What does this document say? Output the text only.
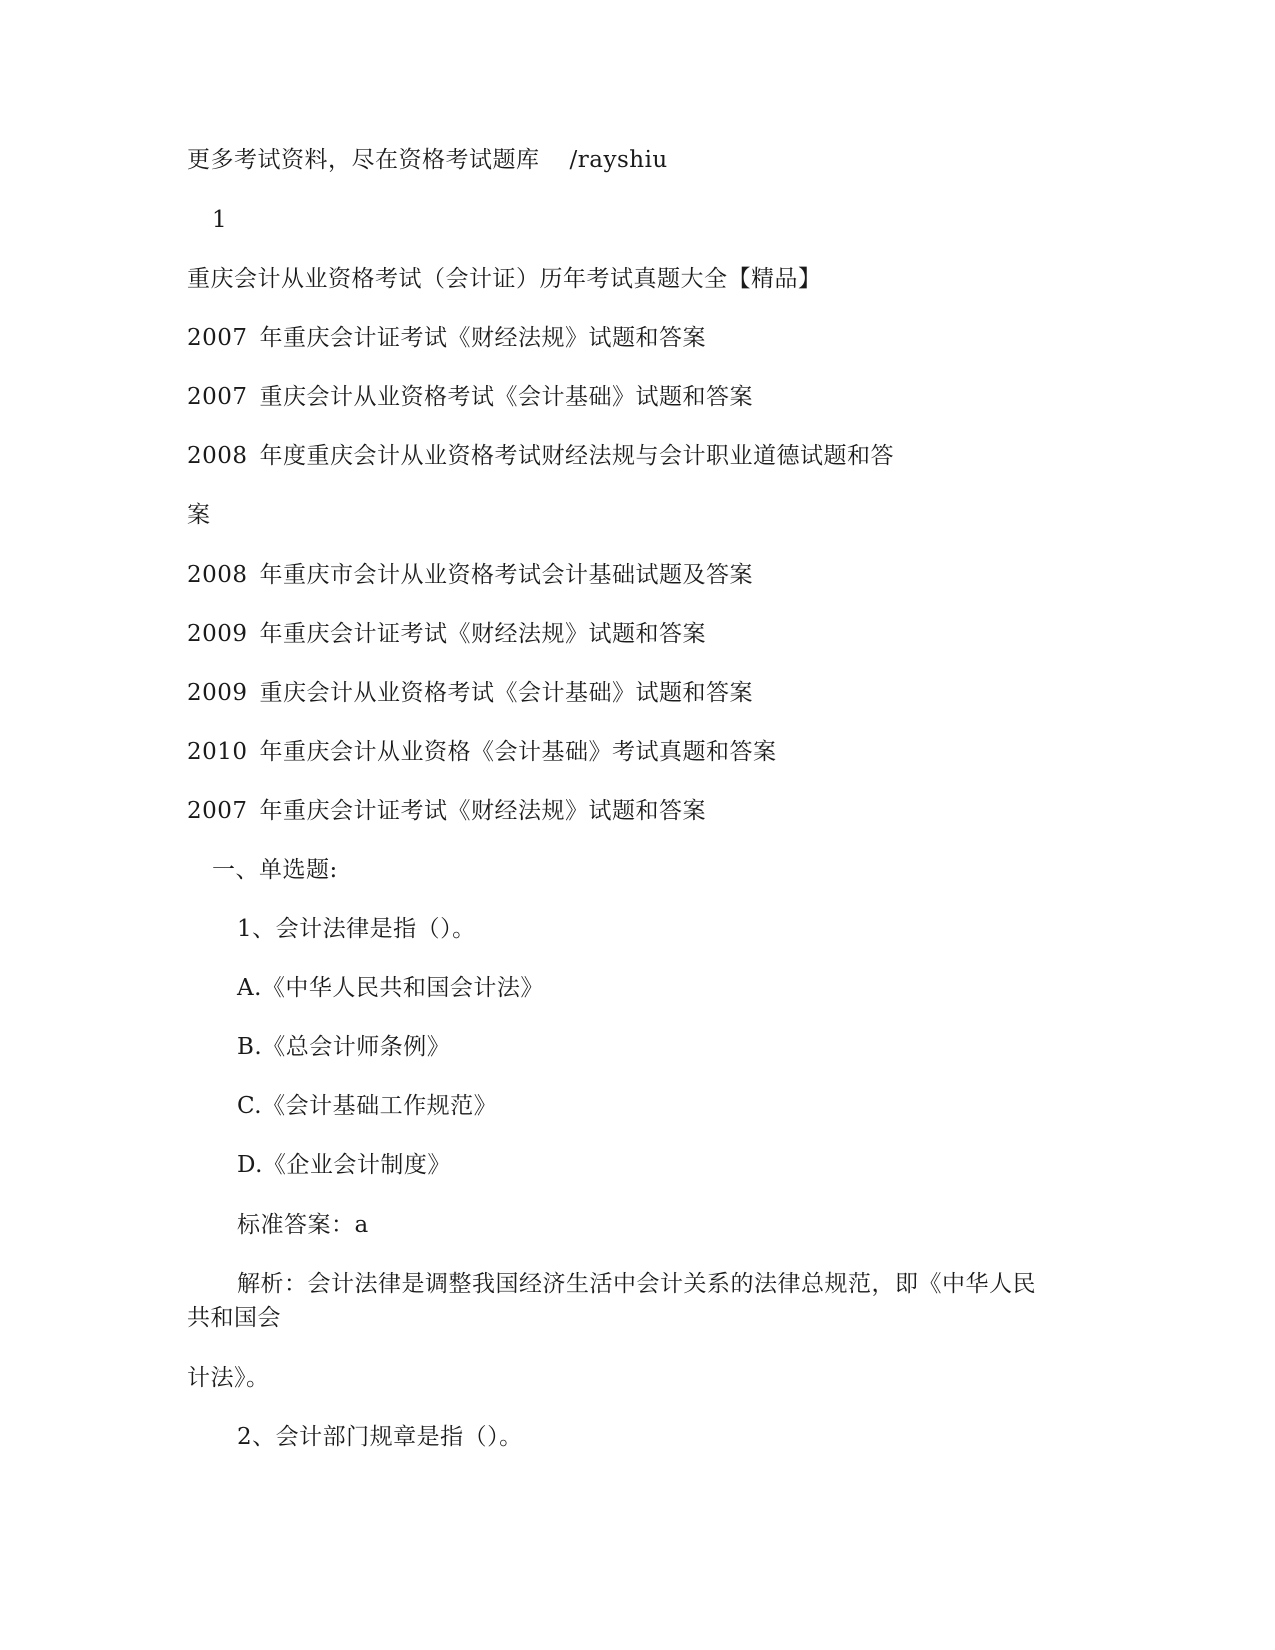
更多考试资料，尽在资格考试题库 /rayshiu
1
重庆会计从业资格考试（会计证）历年考试真题大全【精品】
2007 年重庆会计证考试《财经法规》试题和答案
2007 重庆会计从业资格考试《会计基础》试题和答案
2008 年度重庆会计从业资格考试财经法规与会计职业道德试题和答
案
2008 年重庆市会计从业资格考试会计基础试题及答案
2009 年重庆会计证考试《财经法规》试题和答案
2009 重庆会计从业资格考试《会计基础》试题和答案
2010 年重庆会计从业资格《会计基础》考试真题和答案
2007 年重庆会计证考试《财经法规》试题和答案
一、单选题:
1、会计法律是指（）。
A.《中华人民共和国会计法》
B.《总会计师条例》
C.《会计基础工作规范》
D.《企业会计制度》
标准答案：a
解析：会计法律是调整我国经济生活中会计关系的法律总规范，即《中华人民
共和国会
计法》。
2、会计部门规章是指（）。
